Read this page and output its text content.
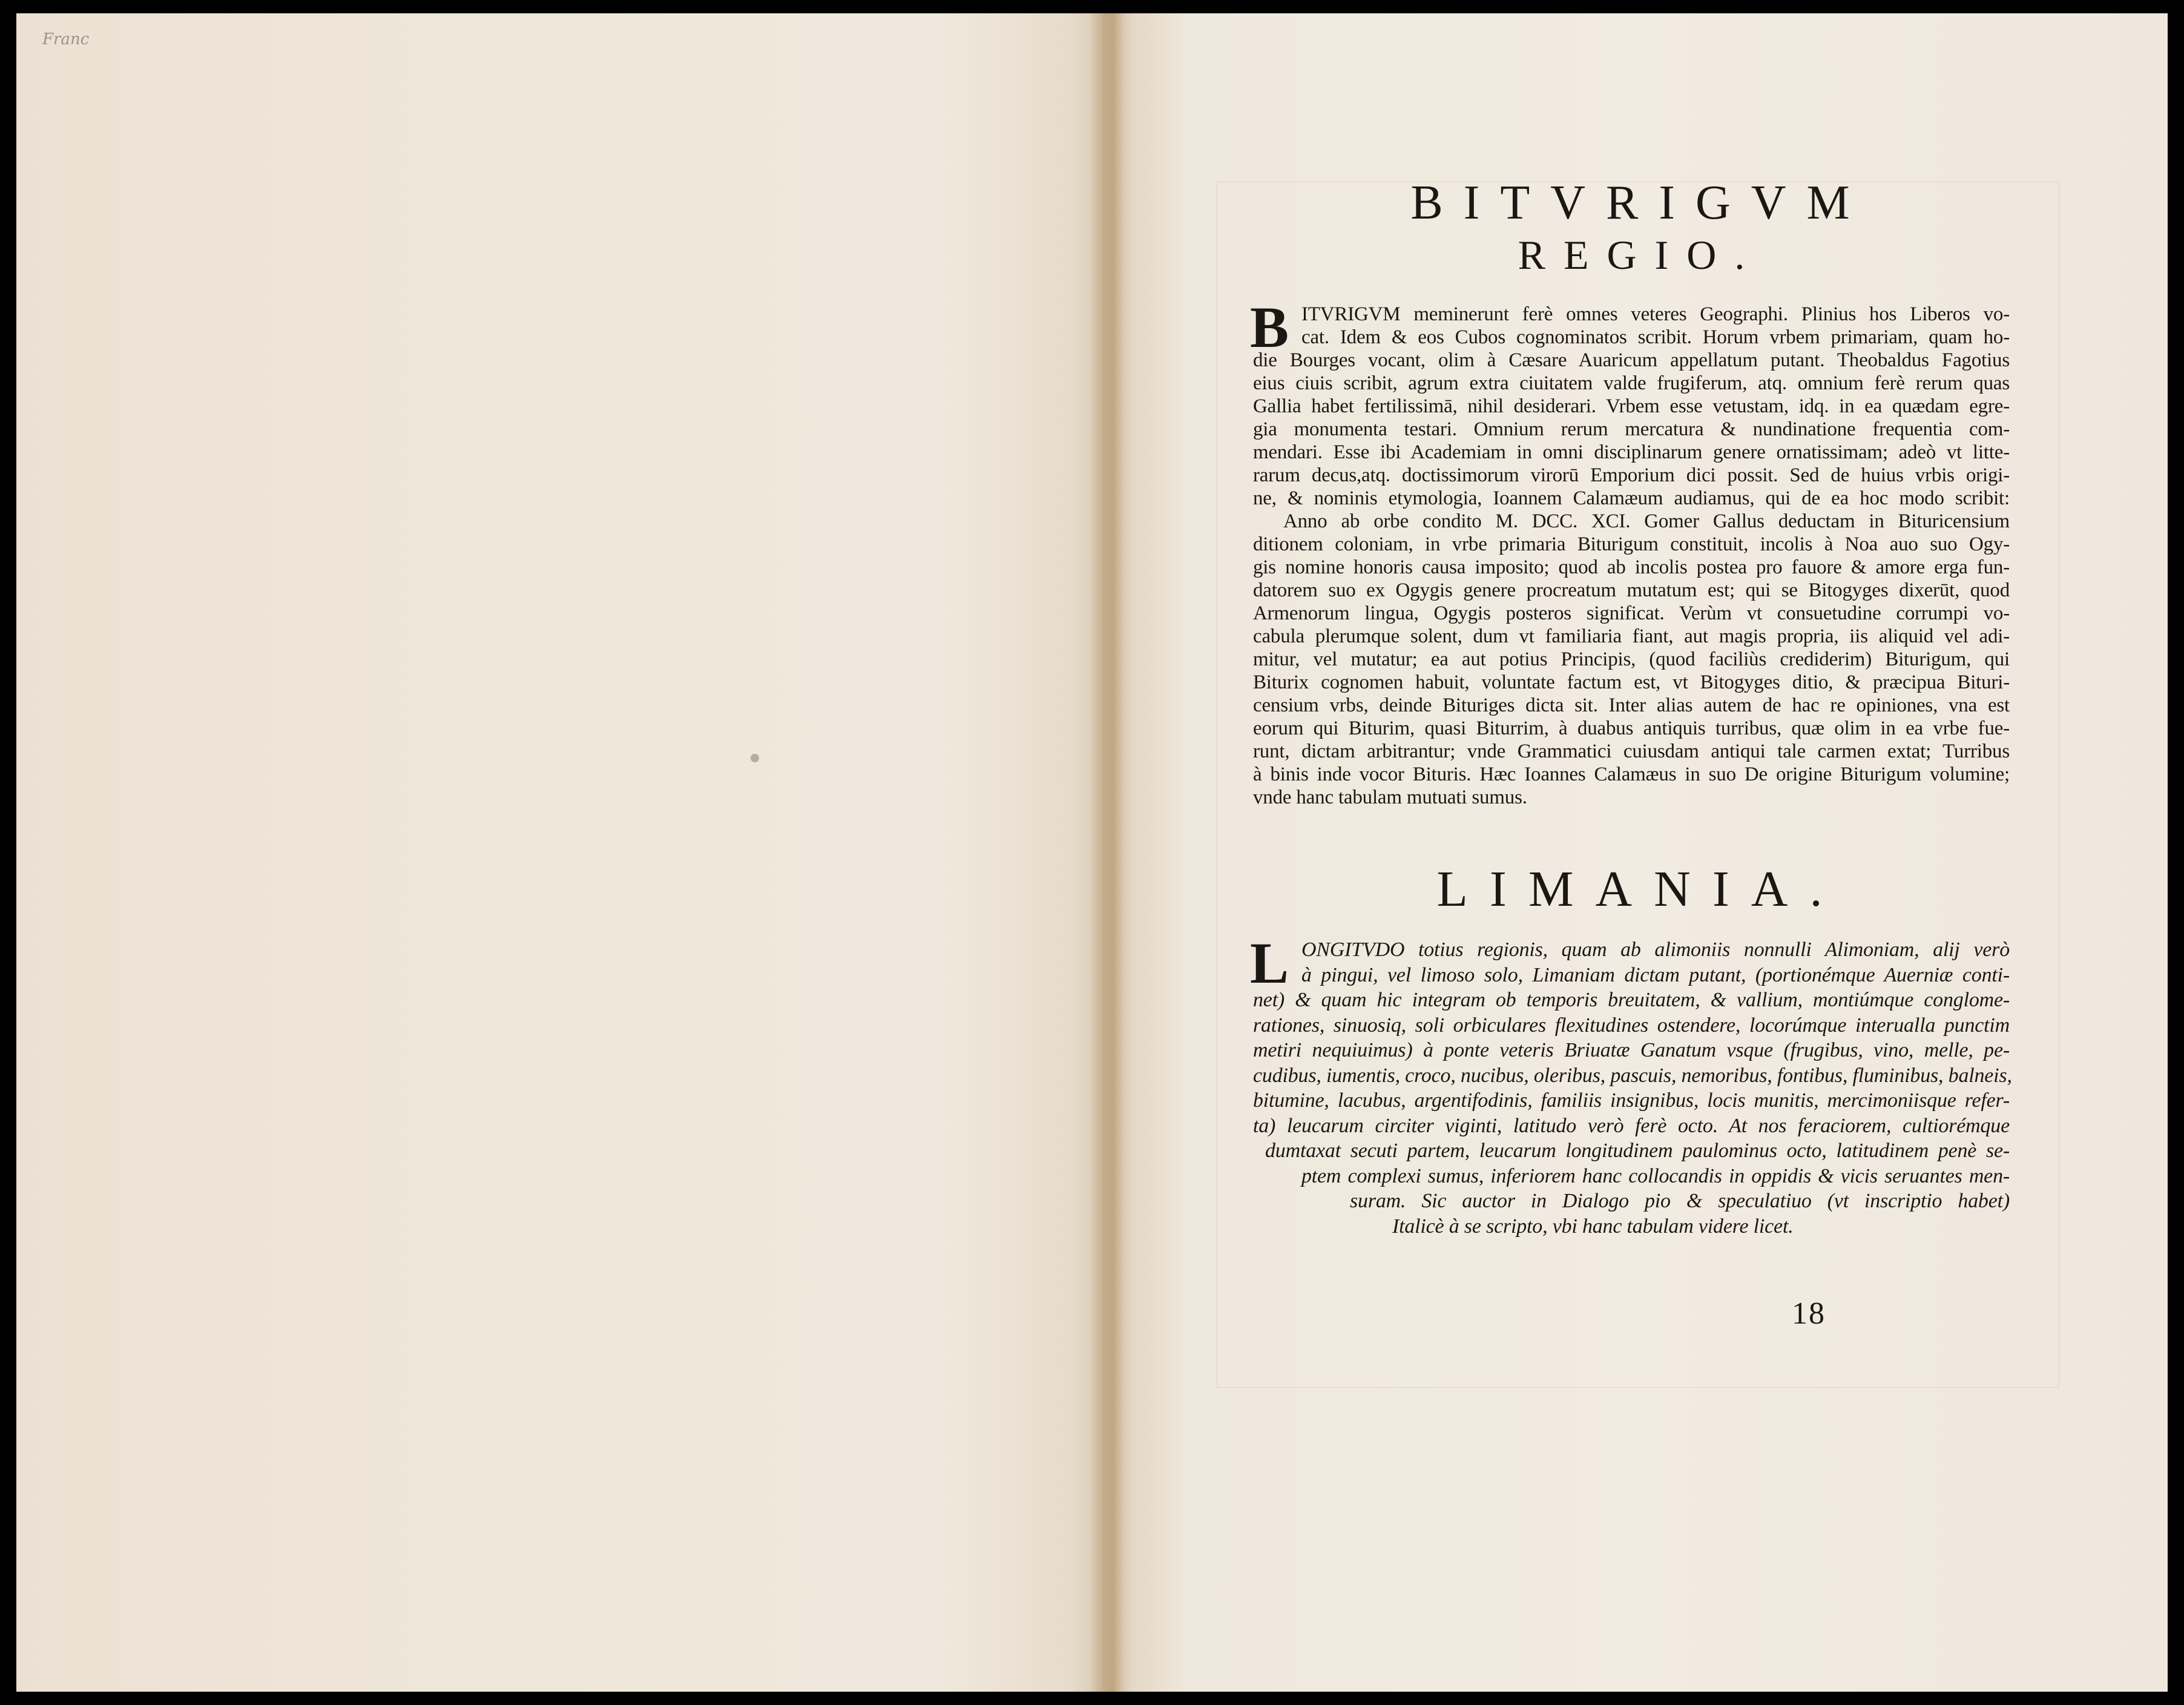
Franc
BITVRIGVM
REGIO.
B ITVRIGVM meminerunt ferè omnes veteres Geographi. Plinius hos Liberos vo-
cat. Idem & eos Cubos cognominatos scribit. Horum vrbem primariam, quam ho-
die Bourges vocant, olim à Cæsare Auaricum appellatum putant. Theobaldus Fagotius
eius ciuis scribit, agrum extra ciuitatem valde frugiferum, atq. omnium ferè rerum quas
Gallia habet fertilissimā, nihil desiderari. Vrbem esse vetustam, idq. in ea quædam egre-
gia monumenta testari. Omnium rerum mercatura & nundinatione frequentia com-
mendari. Esse ibi Academiam in omni disciplinarum genere ornatissimam; adeò vt litte-
rarum decus,atq. doctissimorum virorū Emporium dici possit. Sed de huius vrbis origi-
ne, & nominis etymologia, Ioannem Calamæum audiamus, qui de ea hoc modo scribit:
Anno ab orbe condito M. DCC. XCI. Gomer Gallus deductam in Bituricensium
ditionem coloniam, in vrbe primaria Biturigum constituit, incolis à Noa auo suo Ogy-
gis nomine honoris causa imposito; quod ab incolis postea pro fauore & amore erga fun-
datorem suo ex Ogygis genere procreatum mutatum est; qui se Bitogyges dixerūt, quod
Armenorum lingua, Ogygis posteros significat. Verùm vt consuetudine corrumpi vo-
cabula plerumque solent, dum vt familiaria fiant, aut magis propria, iis aliquid vel adi-
mitur, vel mutatur; ea aut potius Principis, (quod faciliùs crediderim) Biturigum, qui
Biturix cognomen habuit, voluntate factum est, vt Bitogyges ditio, & præcipua Bituri-
censium vrbs, deinde Bituriges dicta sit. Inter alias autem de hac re opiniones, vna est
eorum qui Biturim, quasi Biturrim, à duabus antiquis turribus, quæ olim in ea vrbe fue-
runt, dictam arbitrantur; vnde Grammatici cuiusdam antiqui tale carmen extat; Turribus
à binis inde vocor Bituris. Hæc Ioannes Calamæus in suo De origine Biturigum volumine;
vnde hanc tabulam mutuati sumus.
LIMANIA.
L ONGITVDO totius regionis, quam ab alimoniis nonnulli Alimoniam, alij verò
à pingui, vel limoso solo, Limaniam dictam putant, (portionémque Auerniæ conti-
net) & quam hic integram ob temporis breuitatem, & vallium, montiúmque conglome-
rationes, sinuosiq, soli orbiculares flexitudines ostendere, locorúmque interualla punctim
metiri nequiuimus) à ponte veteris Briuatæ Ganatum vsque (frugibus, vino, melle, pe-
cudibus, iumentis, croco, nucibus, oleribus, pascuis, nemoribus, fontibus, fluminibus, balneis,
bitumine, lacubus, argentifodinis, familiis insignibus, locis munitis, mercimoniisque refer-
ta) leucarum circiter viginti, latitudo verò ferè octo. At nos feraciorem, cultiorémque
dumtaxat secuti partem, leucarum longitudinem paulominus octo, latitudinem penè se-
ptem complexi sumus, inferiorem hanc collocandis in oppidis & vicis seruantes men-
suram. Sic auctor in Dialogo pio & speculatiuo (vt inscriptio habet)
Italicè à se scripto, vbi hanc tabulam videre licet.
18
